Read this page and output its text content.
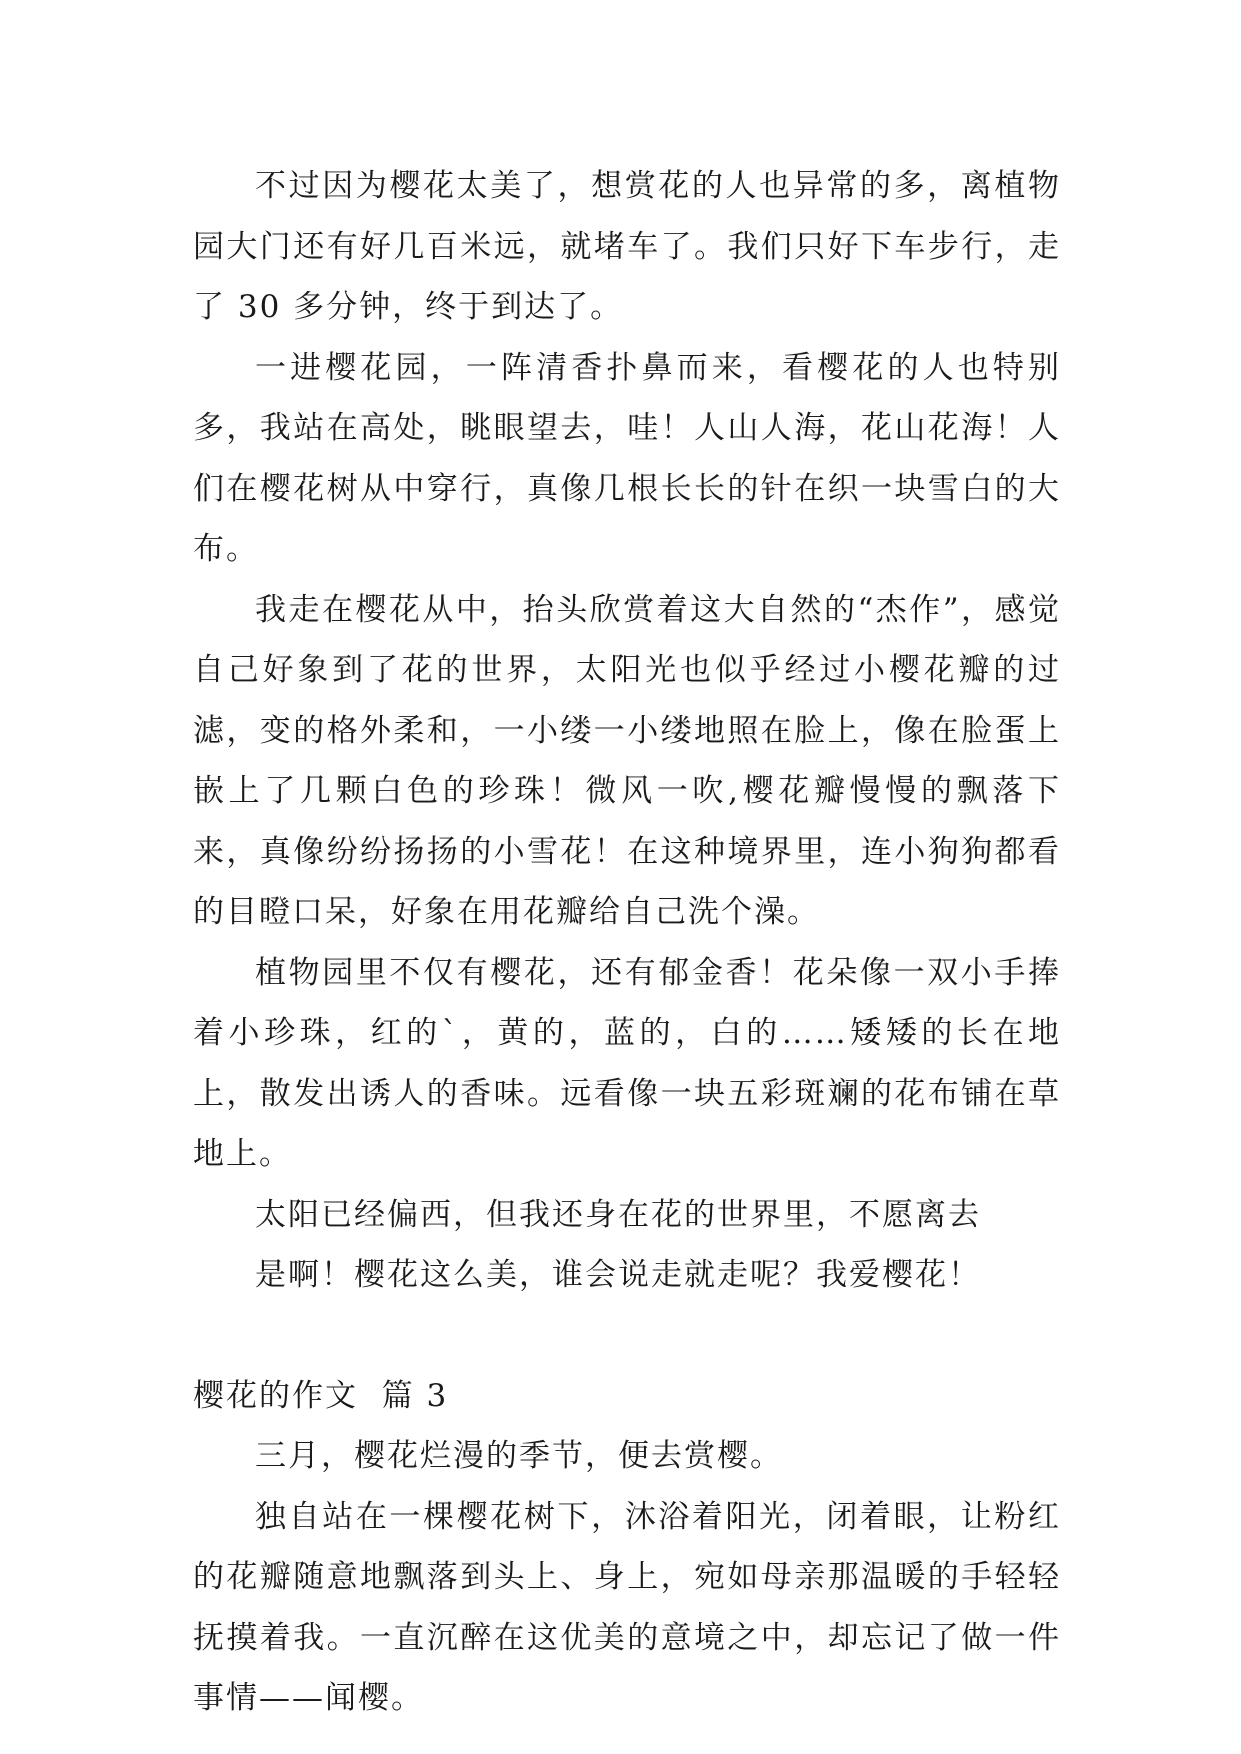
不过因为樱花太美了，想赏花的人也异常的多，离植物园大门还有好几百米远，就堵车了。我们只好下车步行，走了 30 多分钟，终于到达了。

一进樱花园，一阵清香扑鼻而来，看樱花的人也特别多，我站在高处，眺眼望去，哇！人山人海，花山花海！人们在樱花树从中穿行，真像几根长长的针在织一块雪白的大布。

我走在樱花从中，抬头欣赏着这大自然的“杰作”，感觉自己好象到了花的世界，太阳光也似乎经过小樱花瓣的过滤，变的格外柔和，一小缕一小缕地照在脸上，像在脸蛋上嵌上了几颗白色的珍珠！微风一吹,樱花瓣慢慢的飘落下来，真像纷纷扬扬的小雪花！在这种境界里，连小狗狗都看的目瞪口呆，好象在用花瓣给自己洗个澡。

植物园里不仅有樱花，还有郁金香！花朵像一双小手捧着小珍珠，红的`，黄的，蓝的，白的……矮矮的长在地上，散发出诱人的香味。远看像一块五彩斑斓的花布铺在草地上。

太阳已经偏西，但我还身在花的世界里，不愿离去

是啊！樱花这么美，谁会说走就走呢？我爱樱花！

樱花的作文  篇 3

三月，樱花烂漫的季节，便去赏樱。

独自站在一棵樱花树下，沐浴着阳光，闭着眼，让粉红的花瓣随意地飘落到头上、身上，宛如母亲那温暖的手轻轻抚摸着我。一直沉醉在这优美的意境之中，却忘记了做一件事情——闻樱。
